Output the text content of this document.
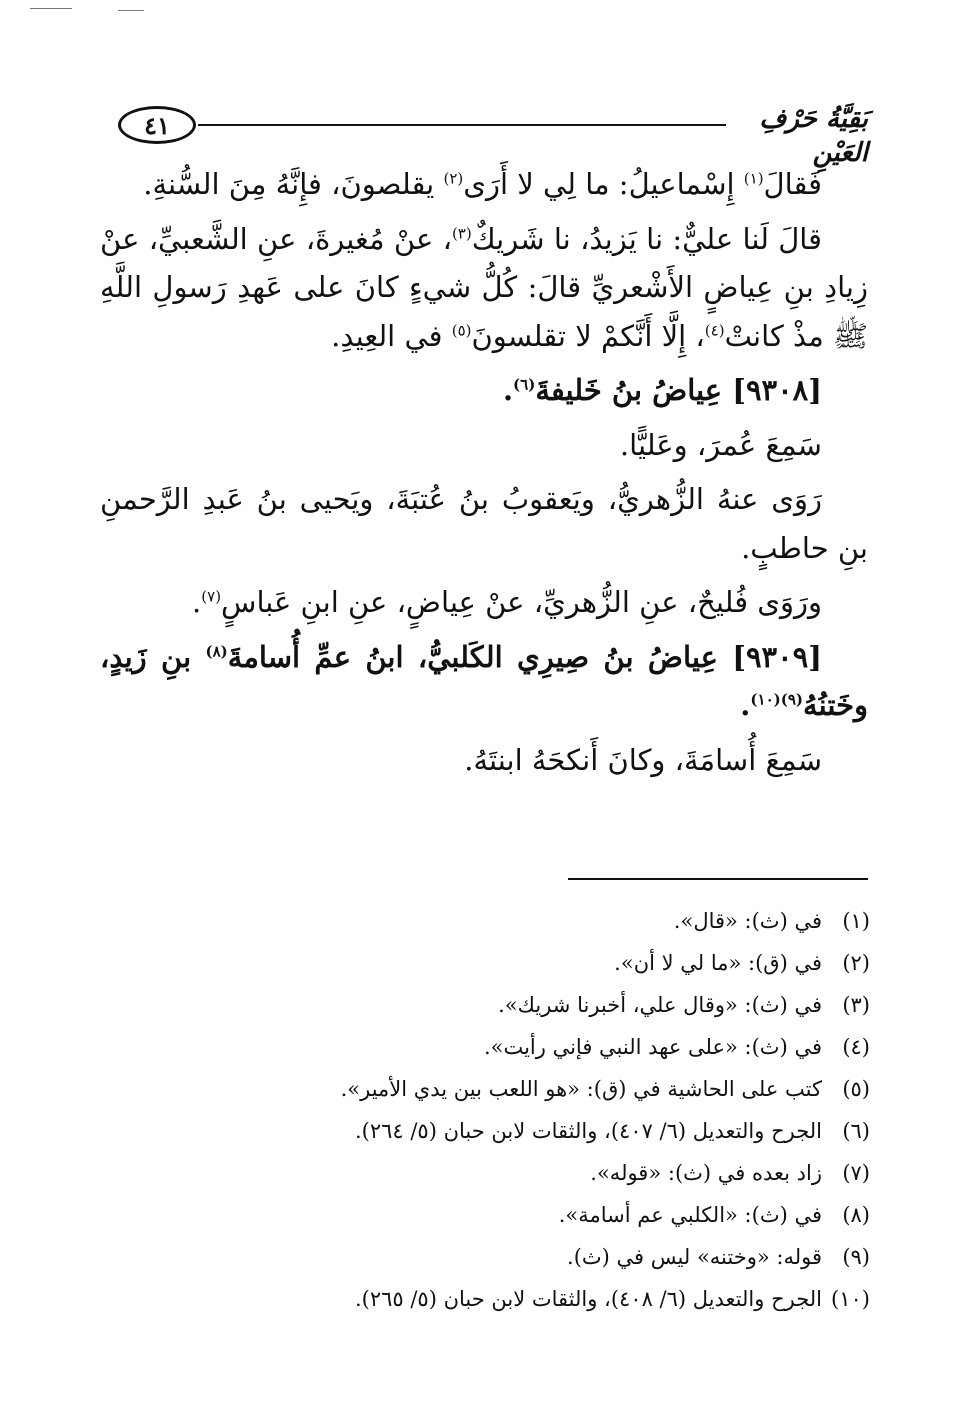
٤١	بَقِيَّةُ حَرْفِ العَيْنِ

فَقالَ$^{(١)}$ إِسْماعيلُ: ما لِي لا أَرَى$^{(٢)}$ يقلصونَ، فإِنَّهُ مِنَ السُّنةِ.

قالَ لَنا عليٌّ: نا يَزيدُ، نا شَريكٌ$^{(٣)}$، عنْ مُغيرةَ، عنِ الشَّعبيِّ، عنْ زِيادِ بنِ عِياضٍ الأَشْعريِّ قالَ: كُلُّ شيءٍ كانَ على عَهدِ رَسولِ اللَّهِ ﷺ مذْ كانتْ$^{(٤)}$، إِلَّا أَنَّكمْ لا تقلسونَ$^{(٥)}$ في العِيدِ.

[٩٣٠٨] عِياضُ بنُ خَليفةَ$^{(٦)}$.

سَمِعَ عُمرَ، وعَليًّا.

رَوَى عنهُ الزُّهريُّ، ويَعقوبُ بنُ عُتبَةَ، ويَحيى بنُ عَبدِ الرَّحمنِ بنِ حاطبٍ.

ورَوَى فُليحٌ، عنِ الزُّهريِّ، عنْ عِياضٍ، عنِ ابنِ عَباسٍ$^{(٧)}$.

[٩٣٠٩] عِياضُ بنُ صِيرِي الكَلبيُّ، ابنُ عمِّ أُسامةَ$^{(٨)}$ بنِ زَيدٍ، وخَتنُهُ$^{(٩)(١٠)}$.

سَمِعَ أُسامَةَ، وكانَ أَنكحَهُ ابنتَهُ.

(١)
في (ث): «قال».
(٢)
في (ق): «ما لي لا أن».
(٣)
في (ث): «وقال علي، أخبرنا شريك».
(٤)
في (ث): «على عهد النبي فإني رأيت».
(٥)
كتب على الحاشية في (ق): «هو اللعب بين يدي الأمير».
(٦)
الجرح والتعديل (٦/ ٤٠٧)، والثقات لابن حبان (٥/ ٢٦٤).
(٧)
زاد بعده في (ث): «قوله».
(٨)
في (ث): «الكلبي عم أسامة».
(٩)
قوله: «وختنه» ليس في (ث).
(١٠)
الجرح والتعديل (٦/ ٤٠٨)، والثقات لابن حبان (٥/ ٢٦٥).
